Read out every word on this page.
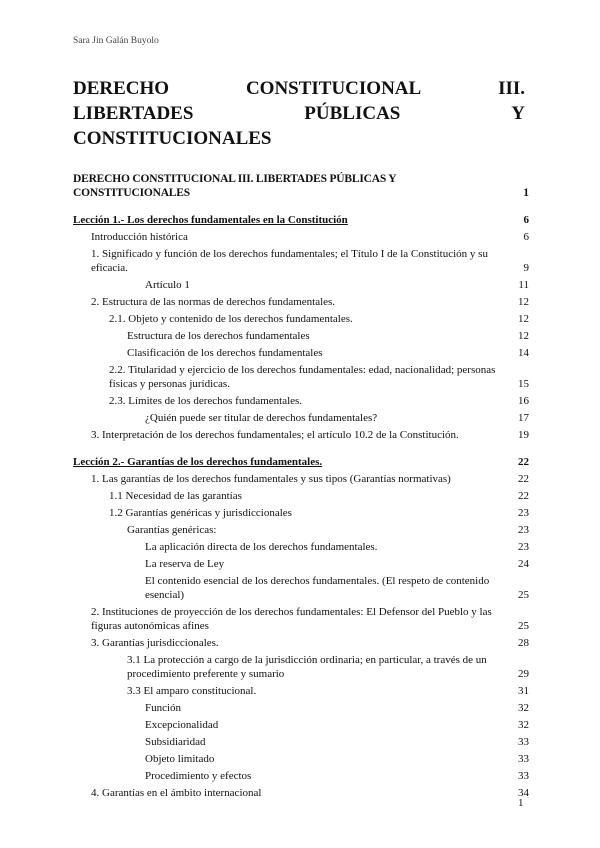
Sara Jin Galán Buyolo
DERECHO	CONSTITUCIONAL	III.
LIBERTADES	PÚBLICAS	Y
CONSTITUCIONALES
DERECHO CONSTITUCIONAL III. LIBERTADES PÚBLICAS Y CONSTITUCIONALES	1
Lección 1.- Los derechos fundamentales en la Constitución	6
Introducción histórica	6
1. Significado y función de los derechos fundamentales; el Título I de la Constitución y su eficacia.	9
Artículo 1	11
2. Estructura de las normas de derechos fundamentales.	12
2.1. Objeto y contenido de los derechos fundamentales.	12
Estructura de los derechos fundamentales	12
Clasificación de los derechos fundamentales	14
2.2. Titularidad y ejercicio de los derechos fundamentales: edad, nacionalidad; personas físicas y personas jurídicas.	15
2.3. Límites de los derechos fundamentales.	16
¿Quién puede ser titular de derechos fundamentales?	17
3. Interpretación de los derechos fundamentales; el artículo 10.2 de la Constitución.	19
Lección 2.- Garantías de los derechos fundamentales.	22
1. Las garantías de los derechos fundamentales y sus tipos (Garantías normativas)	22
1.1 Necesidad de las garantías	22
1.2 Garantías genéricas y jurisdiccionales	23
Garantías genéricas:	23
La aplicación directa de los derechos fundamentales.	23
La reserva de Ley	24
El contenido esencial de los derechos fundamentales. (El respeto de contenido esencial)	25
2. Instituciones de proyección de los derechos fundamentales: El Defensor del Pueblo y las figuras autonómicas afines	25
3. Garantías jurisdiccionales.	28
3.1 La protección a cargo de la jurisdicción ordinaria; en particular, a través de un procedimiento preferente y sumario	29
3.3 El amparo constitucional.	31
Función	32
Excepcionalidad	32
Subsidiaridad	33
Objeto limitado	33
Procedimiento y efectos	33
4. Garantías en el ámbito internacional	34
1
